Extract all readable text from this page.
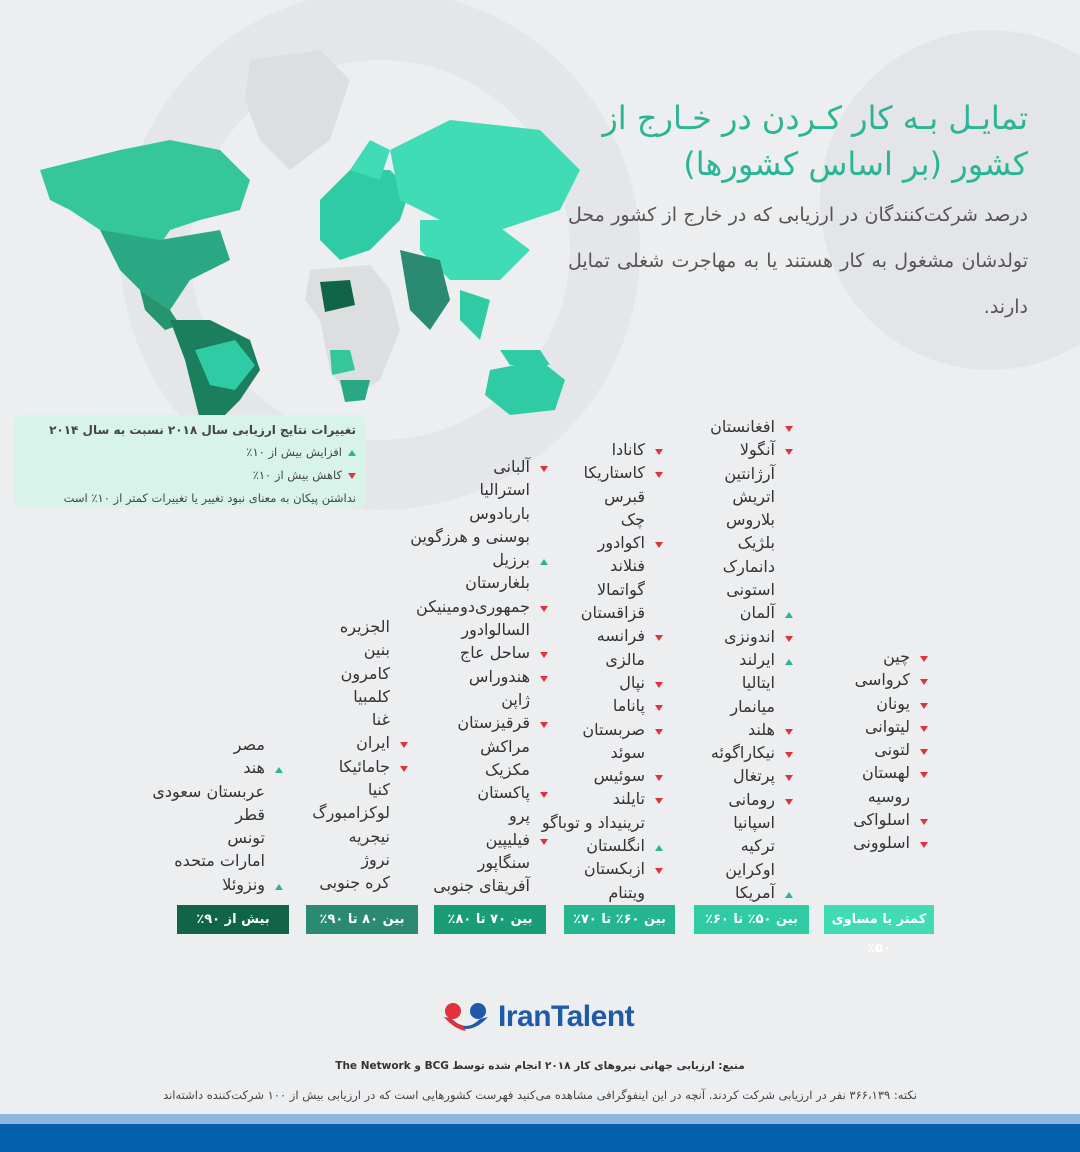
تمایـل بـه کار کـردن در خـارج از کشور (بر اساس کشورها)
درصد شرکت‌کنندگان در ارزیابی که در خارج از کشور محل تولدشان مشغول به کار هستند یا به مهاجرت شغلی تمایل دارند.
تغییرات نتایج ارزیابی سال ۲۰۱۸ نسبت به سال ۲۰۱۴
افزایش بیش از ۱۰٪
کاهش بیش از ۱۰٪
نداشتن پیکان به معنای نبود تغییر یا تغییرات کمتر از ۱۰٪ است
چین
کرواسی
یونان
لیتوانی
لتونی
لهستان
روسیه
اسلواکی
اسلوونی
افغانستان
آنگولا
آرژانتین
اتریش
بلاروس
بلژیک
دانمارک
استونی
آلمان
اندونزی
ایرلند
ایتالیا
میانمار
هلند
نیکاراگوئه
پرتغال
رومانی
اسپانیا
ترکیه
اوکراین
آمریکا
کانادا
کاستاریکا
قبرس
چک
اکوادور
فنلاند
گواتمالا
قزاقستان
فرانسه
مالزی
نپال
پاناما
صربستان
سوئد
سوئیس
تایلند
ترینیداد و توباگو
انگلستان
ازبکستان
ویتنام
آلبانی
استرالیا
باربادوس
بوسنی و هرزگوین
برزیل
بلغارستان
جمهوری‌دومینیکن
السالوادور
ساحل عاج
هندوراس
ژاپن
قرقیزستان
مراکش
مکزیک
پاکستان
پرو
فیلیپین
سنگاپور
آفریقای جنوبی
الجزیره
بنین
کامرون
کلمبیا
غنا
ایران
جامائیکا
کنیا
لوکزامبورگ
نیجریه
نروژ
کره جنوبی
مصر
هند
عربستان سعودی
قطر
تونس
امارات متحده
ونزوئلا
کمتر یا مساوی ۵۰٪
بین ۵۰٪ تا ۶۰٪
بین ۶۰٪ تا ۷۰٪
بین ۷۰ تا ۸۰٪
بین ۸۰ تا ۹۰٪
بیش از ۹۰٪
IranTalent
منبع: ارزیابی جهانی نیروهای کار ۲۰۱۸ انجام شده توسط BCG و The Network
نکته: ۳۶۶،۱۳۹ نفر در ارزیابی شرکت کردند. آنچه در این اینفوگرافی مشاهده می‌کنید فهرست کشورهایی است که در ارزیابی بیش از ۱۰۰ شرکت‌کننده داشته‌اند
